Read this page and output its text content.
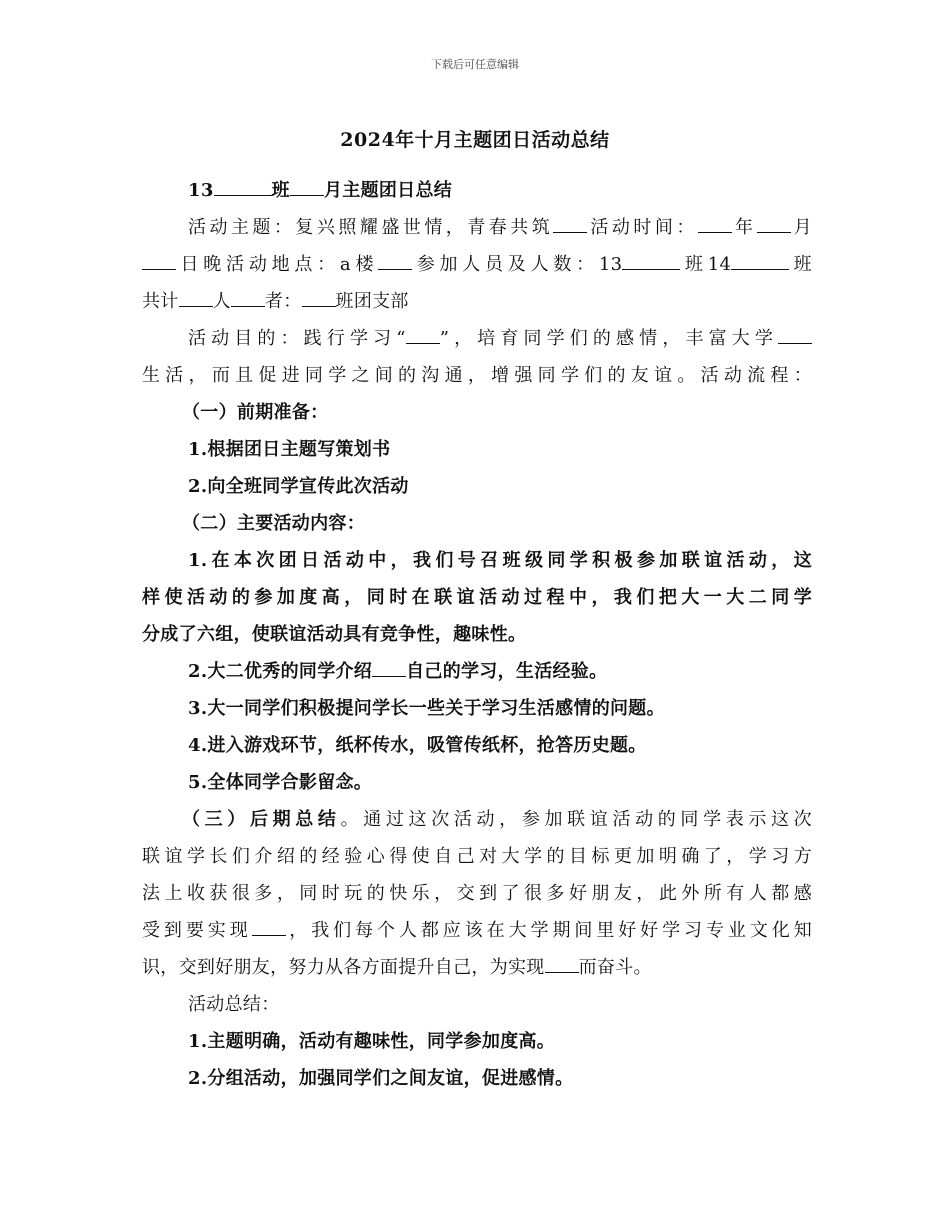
下载后可任意编辑
2024年十月主题团日活动总结
13	班 月主题团日总结
活动主题：复兴照耀盛世情，青春共筑 活动时间： 年 月
日晚活动地点：a楼 参加人员及人数：13	班14	班
共计 人 者： 班团支部
活动目的：践行学习“ ”，培育同学们的感情，丰富大学
生活，而且促进同学之间的沟通，增强同学们的友谊。活动流程：
（一）前期准备：
1.根据团日主题写策划书
2.向全班同学宣传此次活动
（二）主要活动内容：
1.在本次团日活动中，我们号召班级同学积极参加联谊活动，这
样使活动的参加度高，同时在联谊活动过程中，我们把大一大二同学
分成了六组，使联谊活动具有竞争性，趣味性。
2.大二优秀的同学介绍 自己的学习，生活经验。
3.大一同学们积极提问学长一些关于学习生活感情的问题。
4.进入游戏环节，纸杯传水，吸管传纸杯，抢答历史题。
5.全体同学合影留念。
（三）后期总结。通过这次活动，参加联谊活动的同学表示这次
联谊学长们介绍的经验心得使自己对大学的目标更加明确了，学习方
法上收获很多，同时玩的快乐，交到了很多好朋友，此外所有人都感
受到要实现 ，我们每个人都应该在大学期间里好好学习专业文化知
识，交到好朋友，努力从各方面提升自己，为实现 而奋斗。
活动总结：
1.主题明确，活动有趣味性，同学参加度高。
2.分组活动，加强同学们之间友谊，促进感情。
